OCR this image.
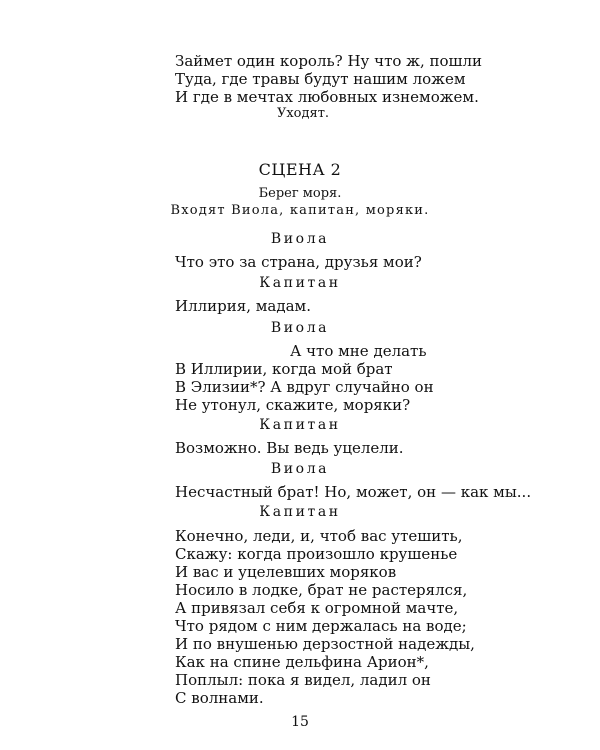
Займет один король? Ну что ж, пошли
Туда, где травы будут нашим ложем
И где в мечтах любовных изнеможем.
Уходят.
СЦЕНА 2
Берег моря.
Входят Виола, капитан, моряки.
Виола
Что это за страна, друзья мои?
Капитан
Иллирия, мадам.
Виола
А что мне делать
В Иллирии, когда мой брат
В Элизии*? А вдруг случайно он
Не утонул, скажите, моряки?
Капитан
Возможно. Вы ведь уцелели.
Виола
Несчастный брат! Но, может, он — как мы...
Капитан
Конечно, леди, и, чтоб вас утешить,
Скажу: когда произошло крушенье
И вас и уцелевших моряков
Носило в лодке, брат не растерялся,
А привязал себя к огромной мачте,
Что рядом с ним держалась на воде;
И по внушенью дерзостной надежды,
Как на спине дельфина Арион*,
Поплыл: пока я видел, ладил он
С волнами.
15
